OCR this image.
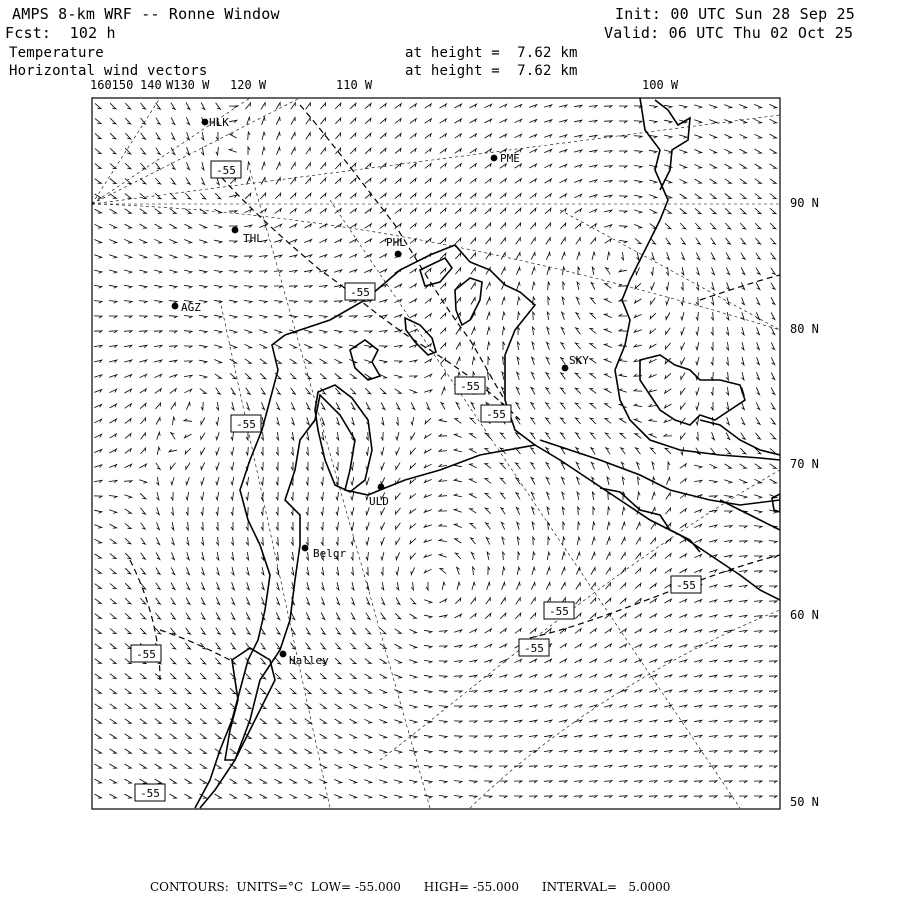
AMPS 8-km WRF -- Ronne Window	Init: 00 UTC Sun 28 Sep 25
Fcst:  102 h	Valid: 06 UTC Thu 02 Oct 25
Temperature	at height =  7.62 km
Horizontal wind vectors	at height =  7.62 km
160150 140 W130 W 120 W	110 W	100 W
90 N
80 N
70 N
60 N
50 N
-55
-55
-55
-55
-55
-55
-55
-55
-55
-55
HLK
PME
THL	PHL
AGZ
SKY
ULD
Belgr
Halley
CONTOURS:  UNITS=°C  LOW= -55.000      HIGH= -55.000      INTERVAL=   5.0000
